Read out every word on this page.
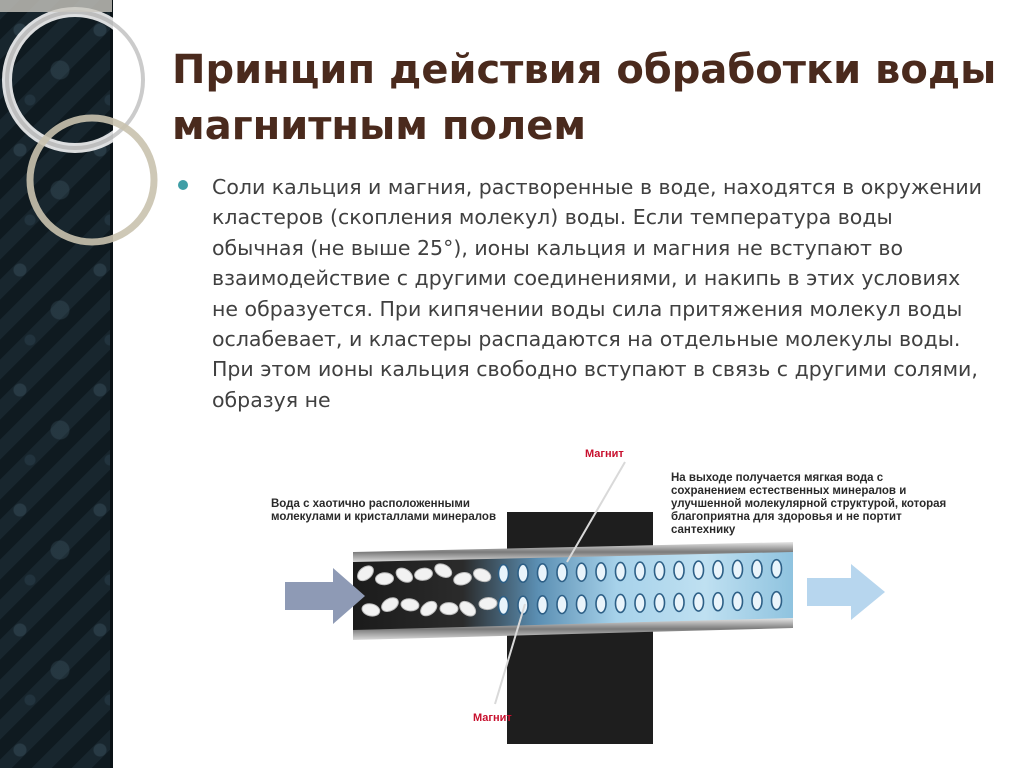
Принцип действия обработки воды магнитным полем

Соли кальция и магния, растворенные в воде, находятся в окружении кластеров (скопления молекул) воды. Если температура воды обычная (не выше 25°), ионы кальция и магния не вступают во взаимодействие с другими соединениями, и накипь в этих условиях не образуется. При кипячении воды сила притяжения молекул воды ослабевает, и кластеры распадаются на отдельные молекулы воды. При этом ионы кальция свободно вступают в связь с другими солями, образуя не

Магнит
Магнит
Вода с хаотично расположенными молекулами и кристаллами минералов
На выходе получается мягкая вода с сохранением естественных минералов и улучшенной молекулярной структурой, которая благоприятна для здоровья и не портит сантехнику
